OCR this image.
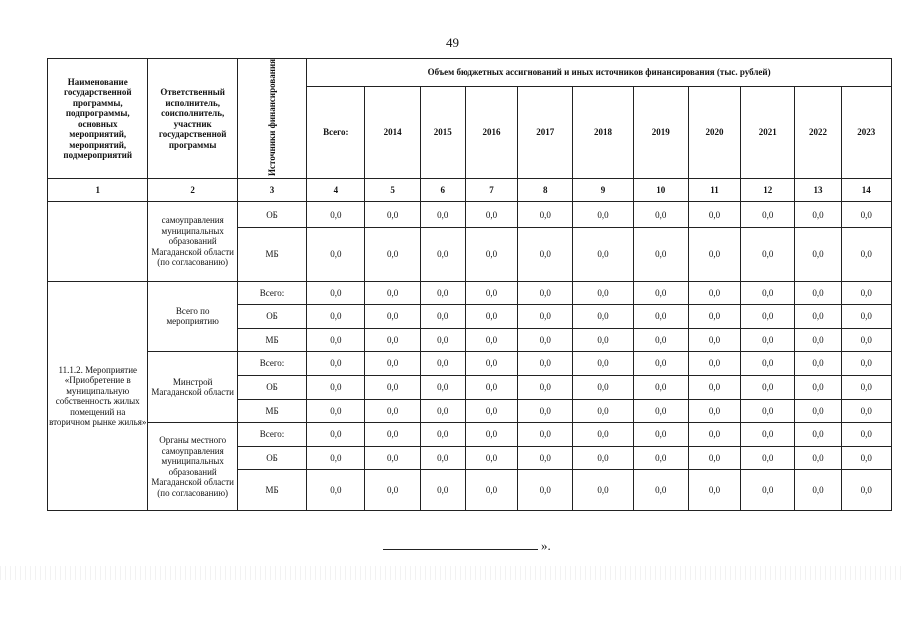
49
Наименование государственной программы, подпрограммы, основных мероприятий, мероприятий, подмероприятий	Ответственный исполнитель, соисполнитель, участник государственной программы	Источники финансирования	Объем бюджетных ассигнований и иных источников финансирования (тыс. рублей)										
			Всего:	2014	2015	2016	2017	2018	2019	2020	2021	2022	2023
1	2	3	4	5	6	7	8	9	10	11	12	13	14
	самоуправления муниципальных образований Магаданской области (по согласованию)	ОБ	0,0	0,0	0,0	0,0	0,0	0,0	0,0	0,0	0,0	0,0	0,0
		МБ	0,0	0,0	0,0	0,0	0,0	0,0	0,0	0,0	0,0	0,0	0,0
11.1.2. Мероприятие «Приобретение в муниципальную собственность жилых помещений на вторичном рынке жилья»	Всего по мероприятию	Всего:	0,0	0,0	0,0	0,0	0,0	0,0	0,0	0,0	0,0	0,0	0,0
		ОБ	0,0	0,0	0,0	0,0	0,0	0,0	0,0	0,0	0,0	0,0	0,0
		МБ	0,0	0,0	0,0	0,0	0,0	0,0	0,0	0,0	0,0	0,0	0,0
	Минстрой Магаданской области	Всего:	0,0	0,0	0,0	0,0	0,0	0,0	0,0	0,0	0,0	0,0	0,0
		ОБ	0,0	0,0	0,0	0,0	0,0	0,0	0,0	0,0	0,0	0,0	0,0
		МБ	0,0	0,0	0,0	0,0	0,0	0,0	0,0	0,0	0,0	0,0	0,0
	Органы местного самоуправления муниципальных образований Магаданской области (по согласованию)	Всего:	0,0	0,0	0,0	0,0	0,0	0,0	0,0	0,0	0,0	0,0	0,0
		ОБ	0,0	0,0	0,0	0,0	0,0	0,0	0,0	0,0	0,0	0,0	0,0
		МБ	0,0	0,0	0,0	0,0	0,0	0,0	0,0	0,0	0,0	0,0	0,0
».
